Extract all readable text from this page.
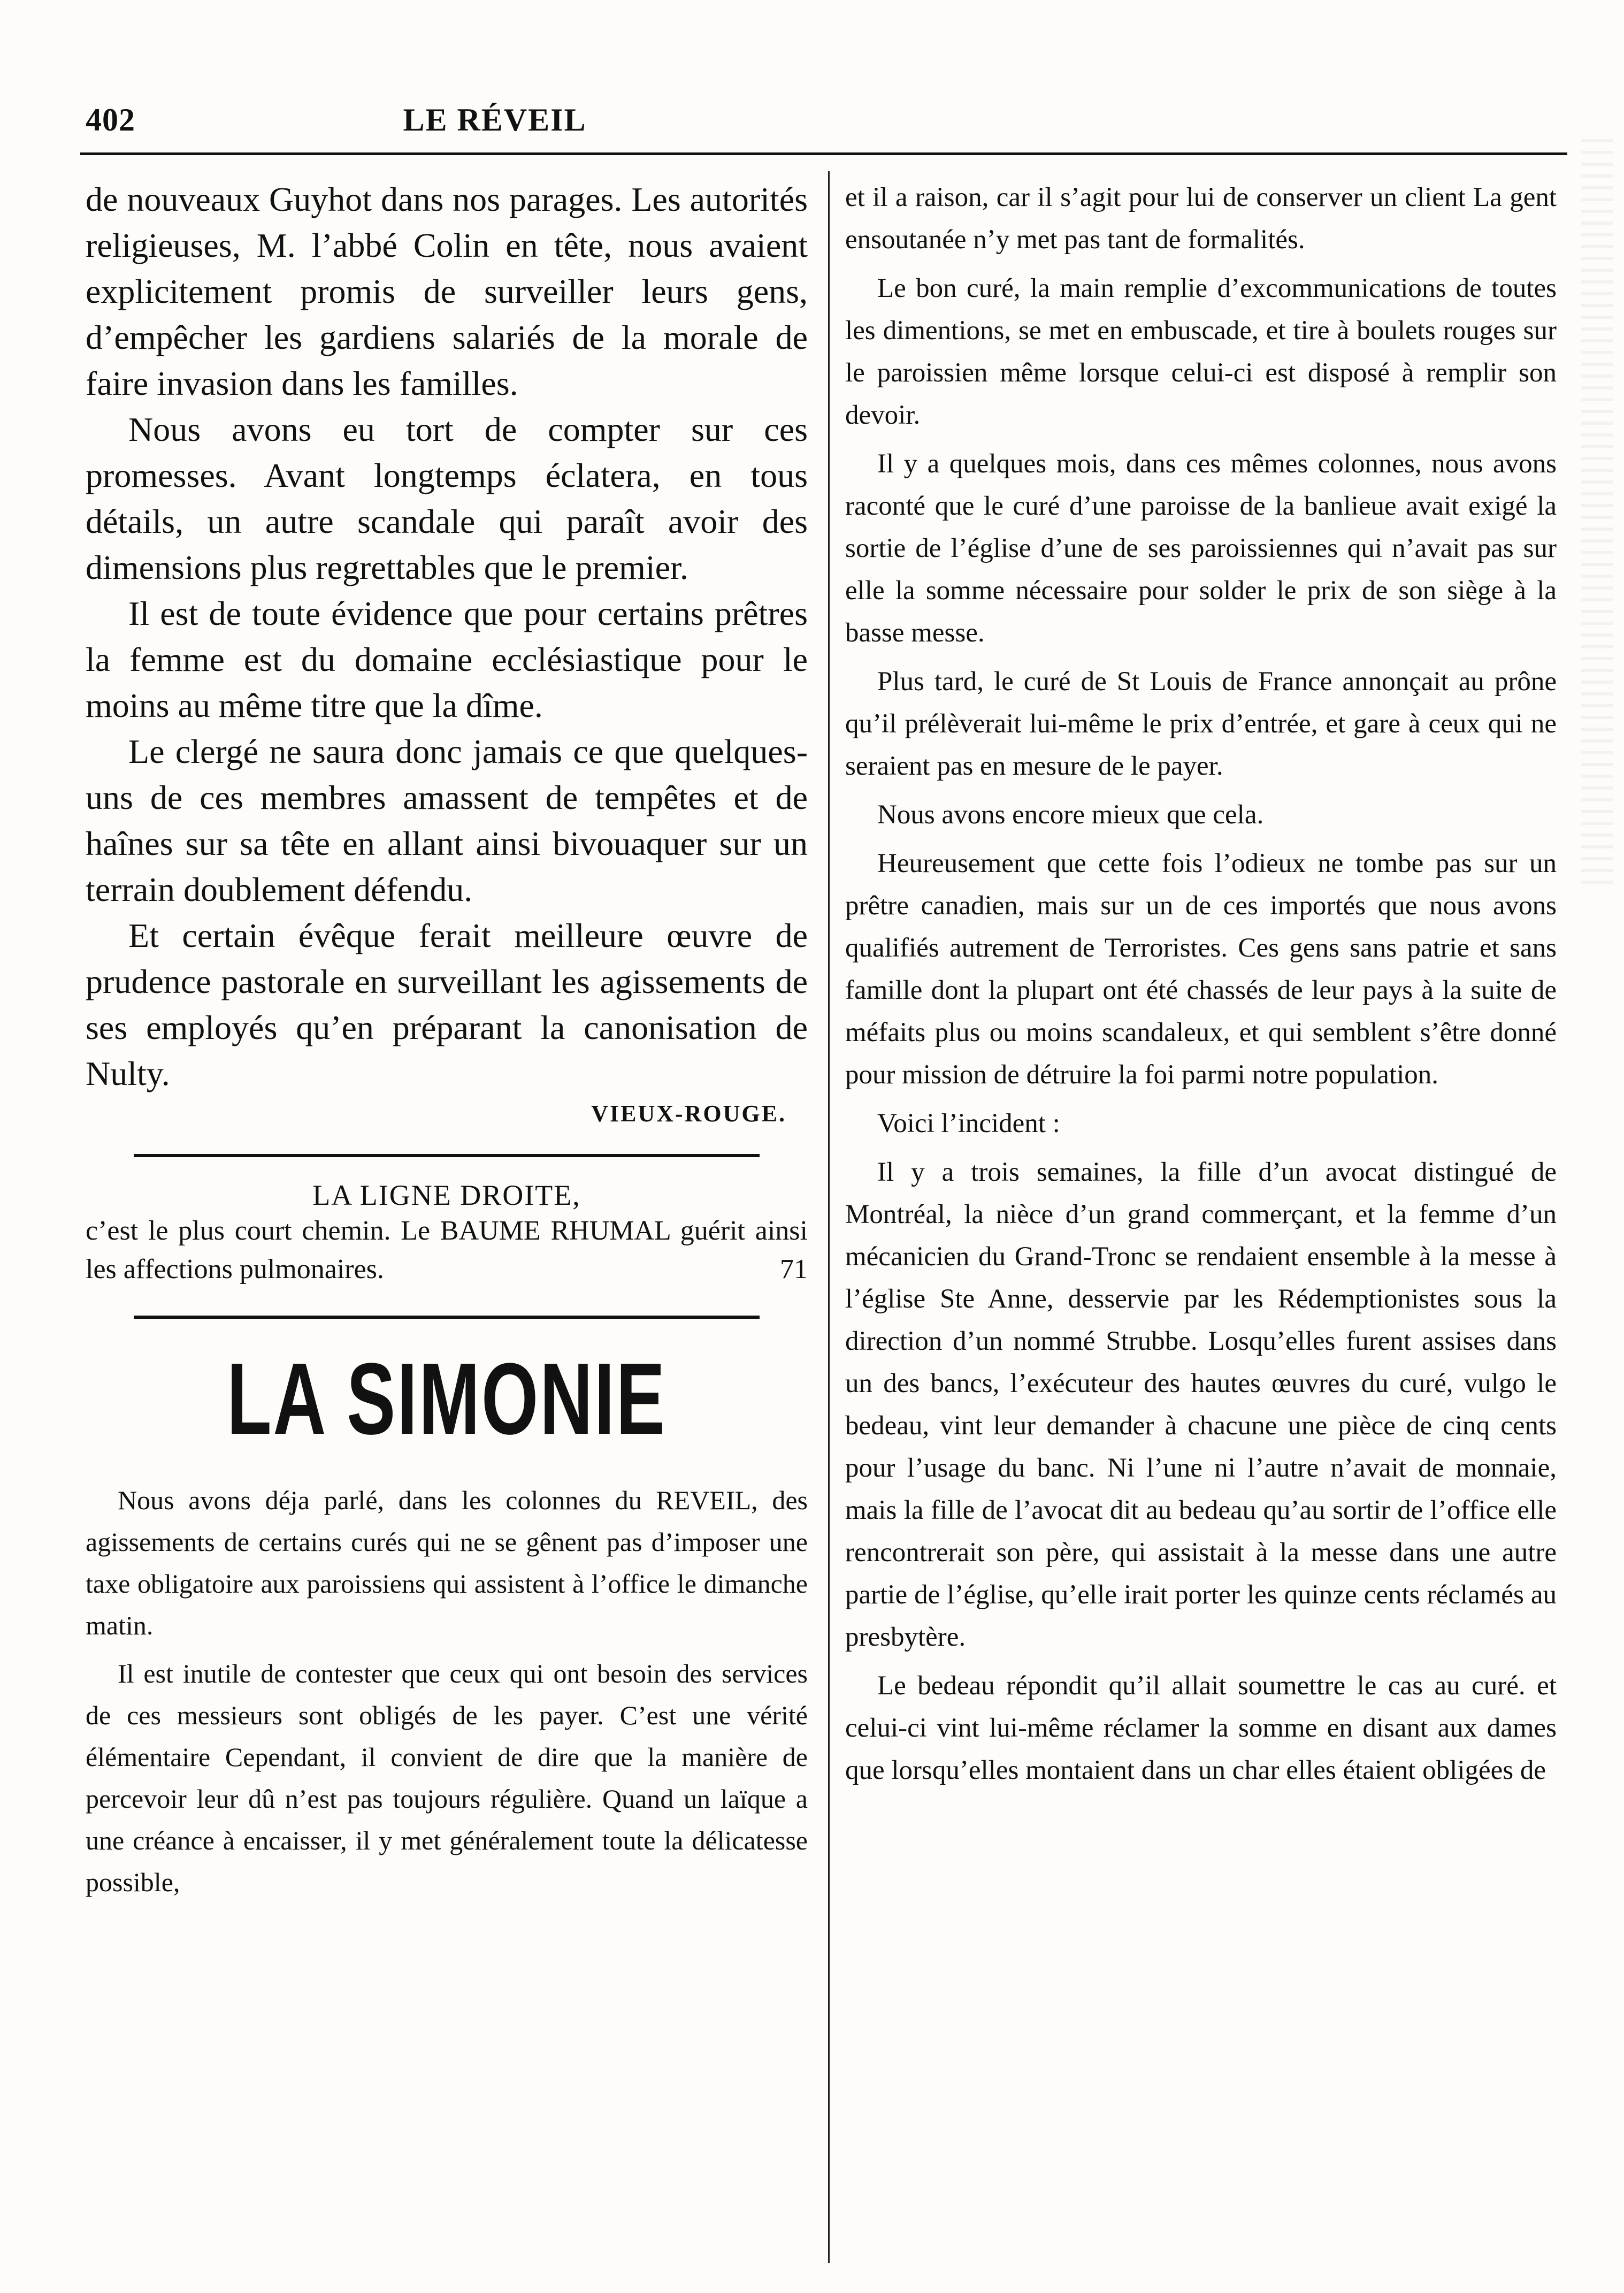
402	LE RÉVEIL

de nouveaux Guyhot dans nos parages. Les autorités religieuses, M. l’abbé Colin en tête, nous avaient explicitement promis de surveiller leurs gens, d’empêcher les gardiens salariés de la morale de faire invasion dans les familles.

Nous avons eu tort de compter sur ces promesses. Avant longtemps éclatera, en tous détails, un autre scandale qui paraît avoir des dimensions plus regrettables que le premier.

Il est de toute évidence que pour certains prêtres la femme est du domaine ecclésiastique pour le moins au même titre que la dîme.

Le clergé ne saura donc jamais ce que quelques-uns de ces membres amassent de tempêtes et de haînes sur sa tête en allant ainsi bivouaquer sur un terrain doublement défendu.

Et certain évêque ferait meilleure œuvre de prudence pastorale en surveillant les agissements de ses employés qu’en préparant la canonisation de Nulty.

VIEUX-ROUGE.

LA LIGNE DROITE,

c’est le plus court chemin. Le BAUME RHUMAL guérit ainsi les affections pulmonaires.	71

LA SIMONIE

Nous avons déja parlé, dans les colonnes du REVEIL, des agissements de certains curés qui ne se gênent pas d’imposer une taxe obligatoire aux paroissiens qui assistent à l’office le dimanche matin.

Il est inutile de contester que ceux qui ont besoin des services de ces messieurs sont obligés de les payer. C’est une vérité élémentaire Cependant, il convient de dire que la manière de percevoir leur dû n’est pas toujours régulière. Quand un laïque a une créance à encaisser, il y met généralement toute la délicatesse possible,

et il a raison, car il s’agit pour lui de conserver un client La gent ensoutanée n’y met pas tant de formalités.

Le bon curé, la main remplie d’excommunications de toutes les dimentions, se met en embuscade, et tire à boulets rouges sur le paroissien même lorsque celui-ci est disposé à remplir son devoir.

Il y a quelques mois, dans ces mêmes colonnes, nous avons raconté que le curé d’une paroisse de la banlieue avait exigé la sortie de l’église d’une de ses paroissiennes qui n’avait pas sur elle la somme nécessaire pour solder le prix de son siège à la basse messe.

Plus tard, le curé de St Louis de France annonçait au prône qu’il prélèverait lui-même le prix d’entrée, et gare à ceux qui ne seraient pas en mesure de le payer.

Nous avons encore mieux que cela.

Heureusement que cette fois l’odieux ne tombe pas sur un prêtre canadien, mais sur un de ces importés que nous avons qualifiés autrement de Terroristes. Ces gens sans patrie et sans famille dont la plupart ont été chassés de leur pays à la suite de méfaits plus ou moins scandaleux, et qui semblent s’être donné pour mission de détruire la foi parmi notre population.

Voici l’incident :

Il y a trois semaines, la fille d’un avocat distingué de Montréal, la nièce d’un grand commerçant, et la femme d’un mécanicien du Grand-Tronc se rendaient ensemble à la messe à l’église Ste Anne, desservie par les Rédemptionistes sous la direction d’un nommé Strubbe. Losqu’elles furent assises dans un des bancs, l’exécuteur des hautes œuvres du curé, vulgo le bedeau, vint leur demander à chacune une pièce de cinq cents pour l’usage du banc. Ni l’une ni l’autre n’avait de monnaie, mais la fille de l’avocat dit au bedeau qu’au sortir de l’office elle rencontrerait son père, qui assistait à la messe dans une autre partie de l’église, qu’elle irait porter les quinze cents réclamés au presbytère.

Le bedeau répondit qu’il allait soumettre le cas au curé. et celui-ci vint lui-même réclamer la somme en disant aux dames que lorsqu’elles montaient dans un char elles étaient obligées de
